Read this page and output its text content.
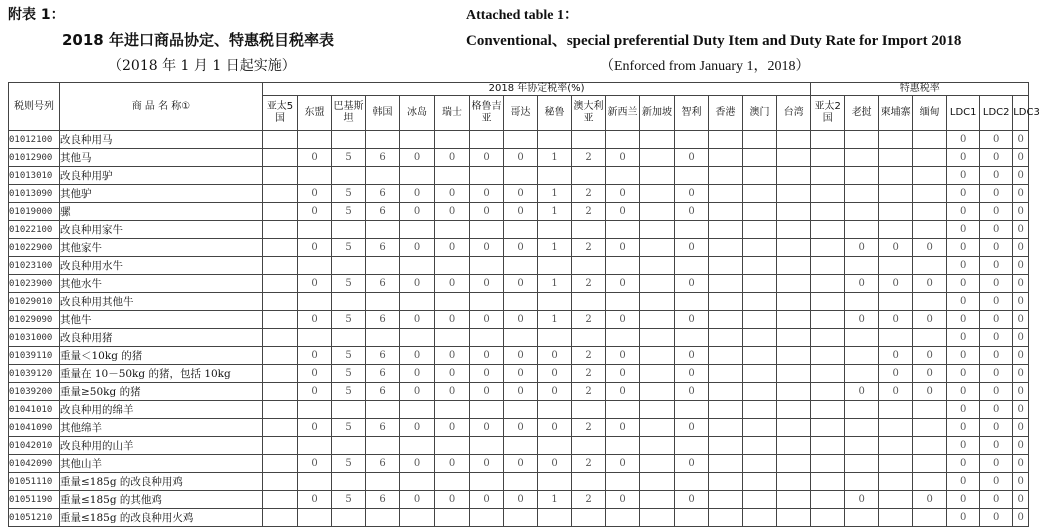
附表 1：
2018 年进口商品协定、特惠税目税率表
（2018 年 1 月 1 日起实施）
Attached table 1：
Conventional、special preferential Duty Item and Duty Rate for Import 2018
（Enforced from January 1，2018）
税则号列	商 品 名 称①	2018 年协定税率(%)																特惠税率						
		亚太5国	东盟	巴基斯坦	韩国	冰岛	瑞士	格鲁吉亚	哥达	秘鲁	澳大利亚	新西兰	新加坡	智利	香港	澳门	台湾	亚太2国	老挝	柬埔寨	缅甸	LDC1	LDC2	LDC3
01012100	改良种用马																					0	0	0
01012900	其他马		0	5	6	0	0	0	0	1	2	0		0								0	0	0
01013010	改良种用驴																					0	0	0
01013090	其他驴		0	5	6	0	0	0	0	1	2	0		0								0	0	0
01019000	骡		0	5	6	0	0	0	0	1	2	0		0								0	0	0
01022100	改良种用家牛																					0	0	0
01022900	其他家牛		0	5	6	0	0	0	0	1	2	0		0					0	0	0	0	0	0
01023100	改良种用水牛																					0	0	0
01023900	其他水牛		0	5	6	0	0	0	0	1	2	0		0					0	0	0	0	0	0
01029010	改良种用其他牛																					0	0	0
01029090	其他牛		0	5	6	0	0	0	0	1	2	0		0					0	0	0	0	0	0
01031000	改良种用猪																					0	0	0
01039110	重量＜10kg 的猪		0	5	6	0	0	0	0	0	2	0		0						0	0	0	0	0
01039120	重量在 10－50kg 的猪，包括 10kg		0	5	6	0	0	0	0	0	2	0		0						0	0	0	0	0
01039200	重量≥50kg 的猪		0	5	6	0	0	0	0	0	2	0		0					0	0	0	0	0	0
01041010	改良种用的绵羊																					0	0	0
01041090	其他绵羊		0	5	6	0	0	0	0	0	2	0		0								0	0	0
01042010	改良种用的山羊																					0	0	0
01042090	其他山羊		0	5	6	0	0	0	0	0	2	0		0								0	0	0
01051110	重量≤185g 的改良种用鸡																					0	0	0
01051190	重量≤185g 的其他鸡		0	5	6	0	0	0	0	1	2	0		0					0		0	0	0	0
01051210	重量≤185g 的改良种用火鸡																					0	0	0
